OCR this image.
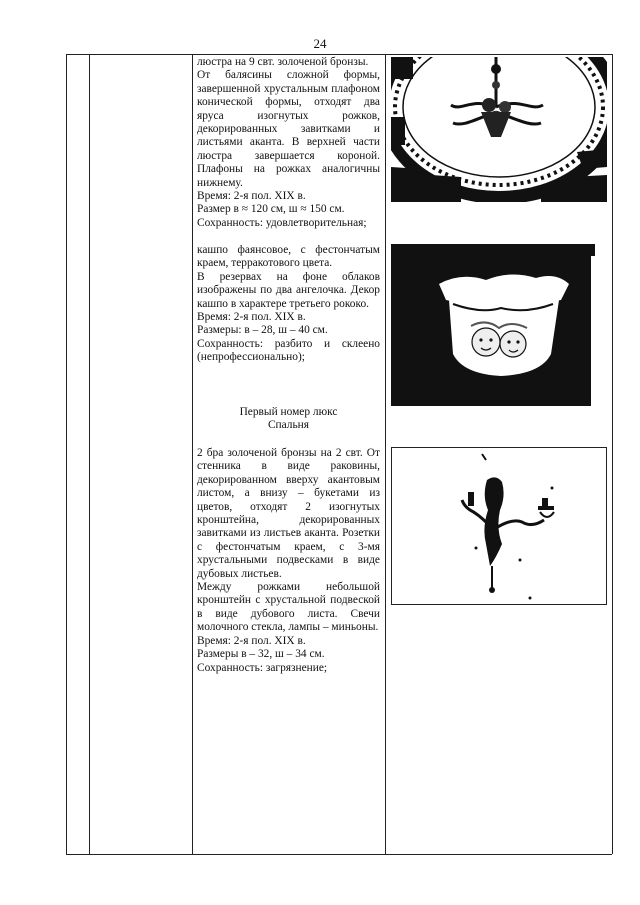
24

люстра на 9 свт. золоченой бронзы.

От балясины сложной формы, завершенной хрустальным плафоном конической формы, отходят два яруса изогнутых рожков, декорированных завитками и листьями аканта. В верхней части люстра завершается короной. Плафоны на рожках аналогичны нижнему.

Время: 2-я пол. XIX в.

Размер в ≈ 120 см, ш ≈ 150 см.

Сохранность: удовлетворительная;

кашпо фаянсовое, с фестончатым краем, терракотового цвета.

В резервах на фоне облаков изображены по два ангелочка. Декор кашпо в характере третьего рококо.

Время: 2-я пол. XIX в.

Размеры: в – 28, ш – 40 см.

Сохранность: разбито и склеено (непрофессионально);

Первый номер люкс
Спальня

2 бра золоченой бронзы на 2 свт. От стенника в виде раковины, декорированном вверху акантовым листом, а внизу – букетами из цветов, отходят 2 изогнутых кронштейна, декорированных завитками из листьев аканта. Розетки с фестончатым краем, с 3-мя хрустальными подвесками в виде дубовых листьев.

Между рожками небольшой кронштейн с хрустальной подвеской в виде дубового листа. Свечи молочного стекла, лампы – миньоны.

Время: 2-я пол. XIX в.

Размеры в – 32, ш – 34 см.

Сохранность: загрязнение;
